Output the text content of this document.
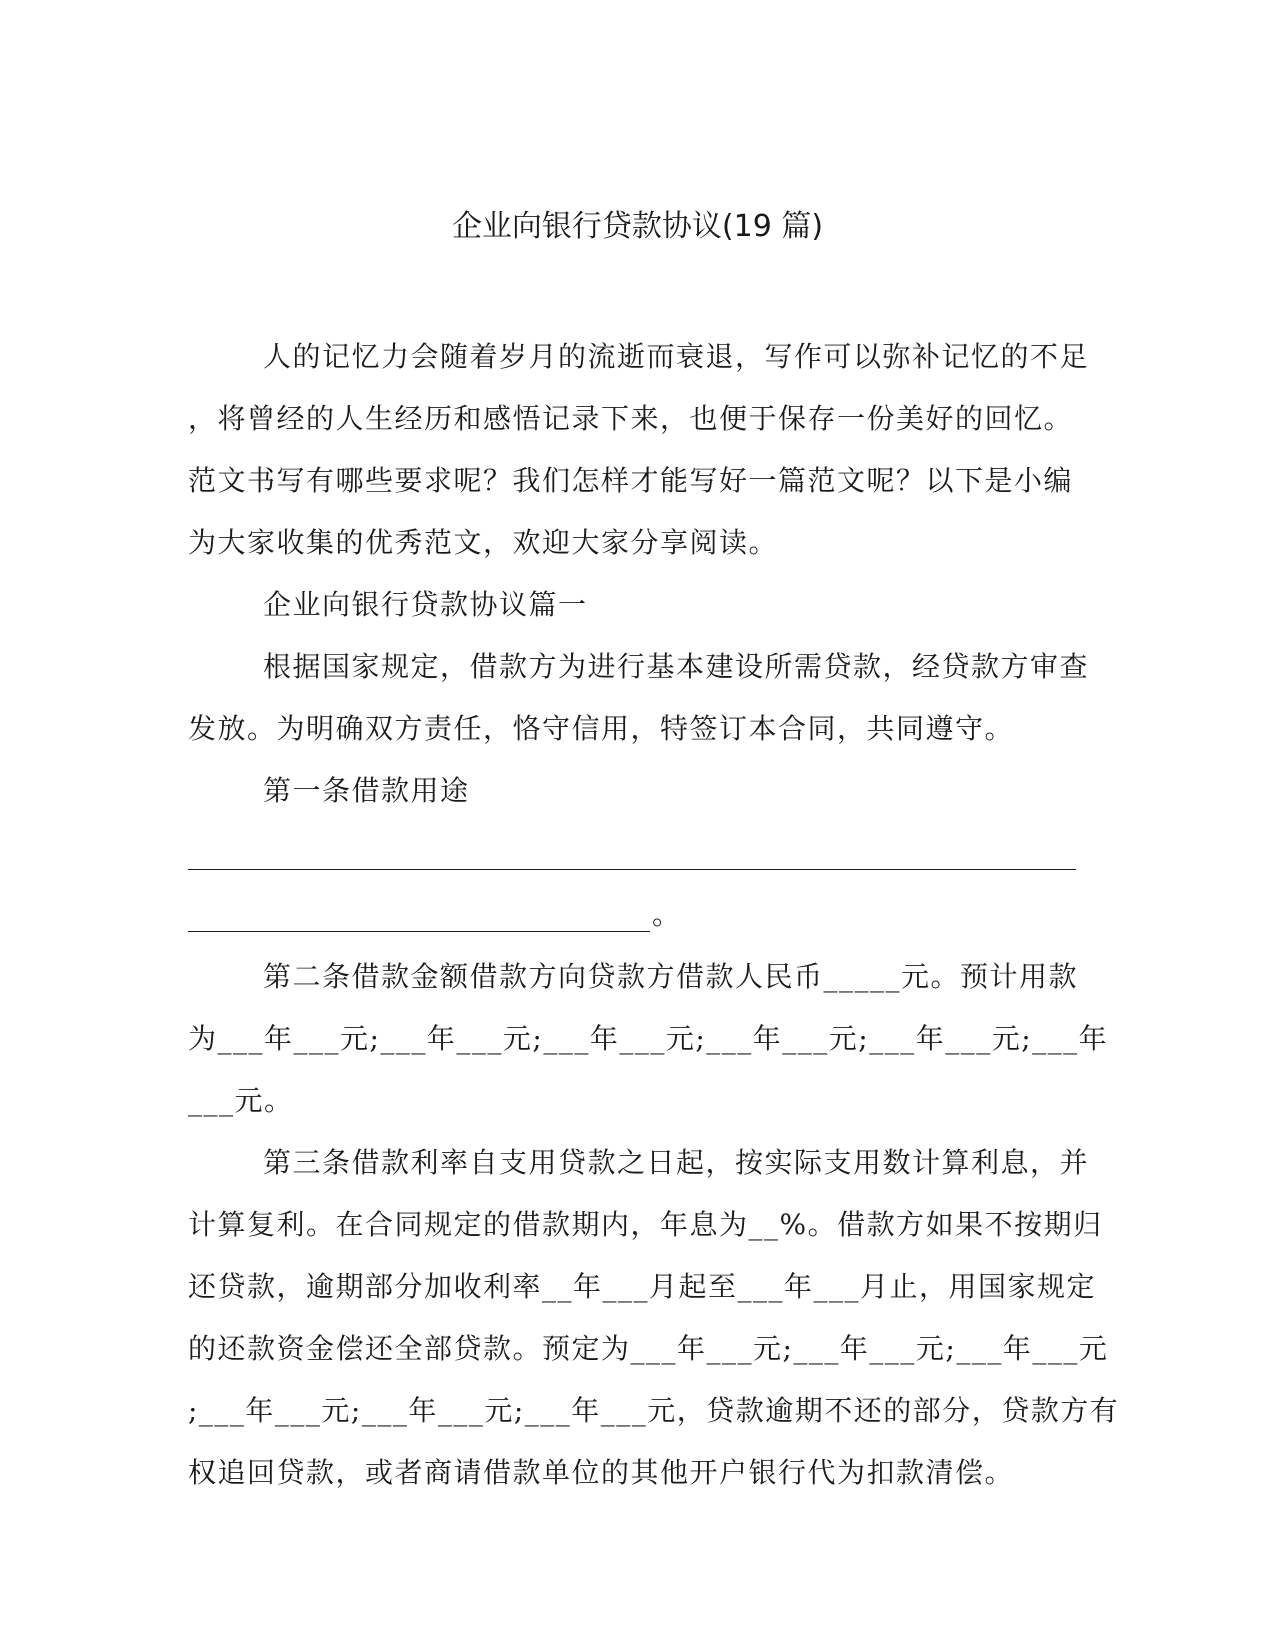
企业向银行贷款协议(19 篇)

人的记忆力会随着岁月的流逝而衰退，写作可以弥补记忆的不足

，将曾经的人生经历和感悟记录下来，也便于保存一份美好的回忆。

范文书写有哪些要求呢？我们怎样才能写好一篇范文呢？以下是小编

为大家收集的优秀范文，欢迎大家分享阅读。

企业向银行贷款协议篇一

根据国家规定，借款方为进行基本建设所需贷款，经贷款方审查

发放。为明确双方责任，恪守信用，特签订本合同，共同遵守。

第一条借款用途

。

第二条借款金额借款方向贷款方借款人民币_____元。预计用款

为___年___元;___年___元;___年___元;___年___元;___年___元;___年

___元。

第三条借款利率自支用贷款之日起，按实际支用数计算利息，并

计算复利。在合同规定的借款期内，年息为__%。借款方如果不按期归

还贷款，逾期部分加收利率__年___月起至___年___月止，用国家规定

的还款资金偿还全部贷款。预定为___年___元;___年___元;___年___元

;___年___元;___年___元;___年___元，贷款逾期不还的部分，贷款方有

权追回贷款，或者商请借款单位的其他开户银行代为扣款清偿。
